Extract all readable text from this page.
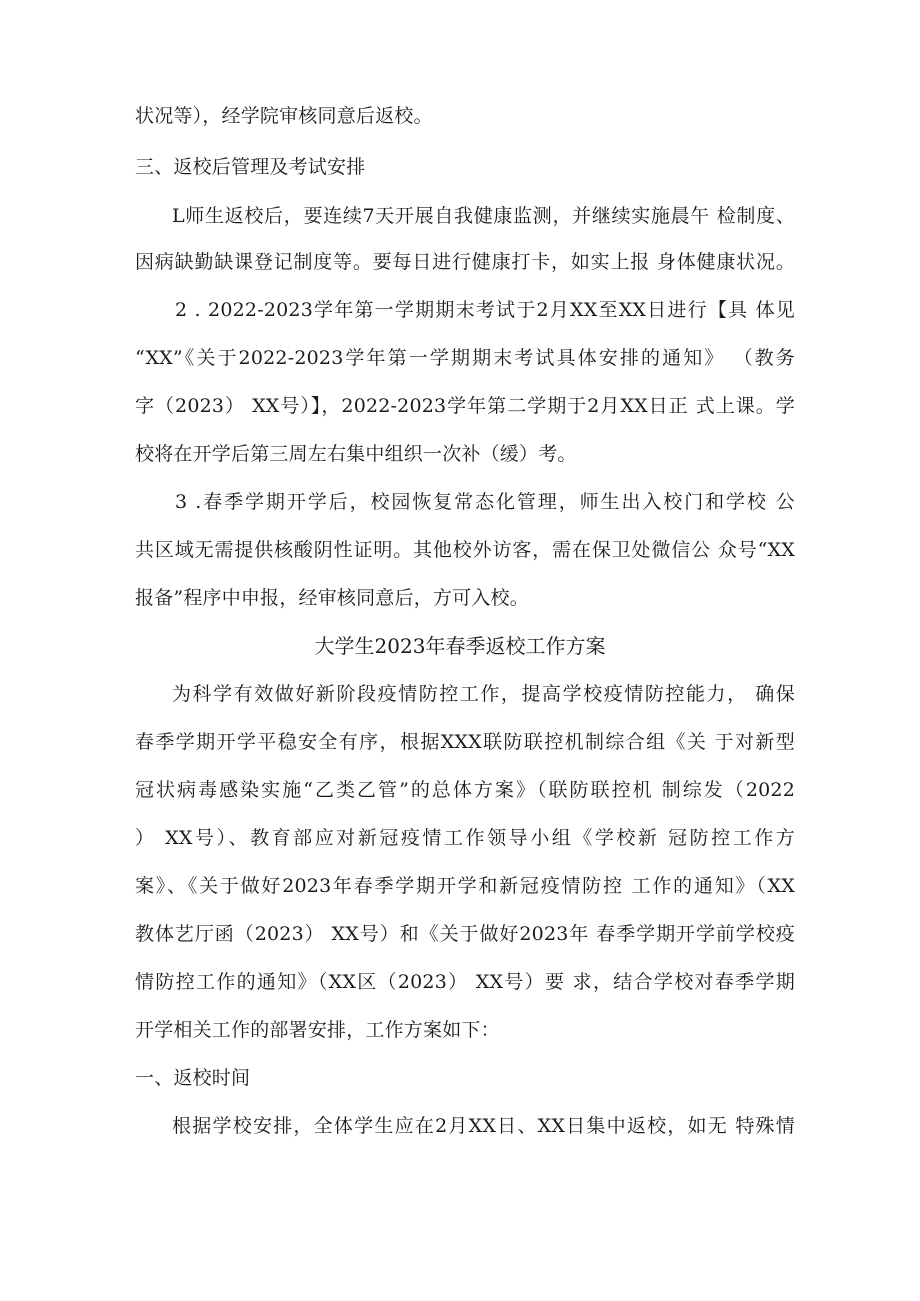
状况等），经学院审核同意后返校。
三、返校后管理及考试安排
L师生返校后，要连续7天开展自我健康监测，并继续实施晨午 检制度、
因病缺勤缺课登记制度等。要每日进行健康打卡，如实上报 身体健康状况。
2 . 2022-2023学年第一学期期末考试于2月XX至XX日进行【具 体见
“XX”《关于2022-2023学年第一学期期末考试具体安排的通知》 （教务
字（2023） XX号）】，2022-2023学年第二学期于2月XX日正 式上课。学
校将在开学后第三周左右集中组织一次补（缓）考。
3 .春季学期开学后，校园恢复常态化管理，师生出入校门和学校 公
共区域无需提供核酸阴性证明。其他校外访客，需在保卫处微信公 众号“XX
报备”程序中申报，经审核同意后，方可入校。
大学生2023年春季返校工作方案
为科学有效做好新阶段疫情防控工作，提高学校疫情防控能力， 确保
春季学期开学平稳安全有序，根据XXX联防联控机制综合组《关 于对新型
冠状病毒感染实施“乙类乙管”的总体方案》（联防联控机 制综发（2022
） XX号）、教育部应对新冠疫情工作领导小组《学校新 冠防控工作方
案》、《关于做好2023年春季学期开学和新冠疫情防控 工作的通知》（XX
教体艺厅函（2023） XX号）和《关于做好2023年 春季学期开学前学校疫
情防控工作的通知》（XX区（2023） XX号）要 求，结合学校对春季学期
开学相关工作的部署安排，工作方案如下：
一、返校时间
根据学校安排，全体学生应在2月XX日、XX日集中返校，如无 特殊情
